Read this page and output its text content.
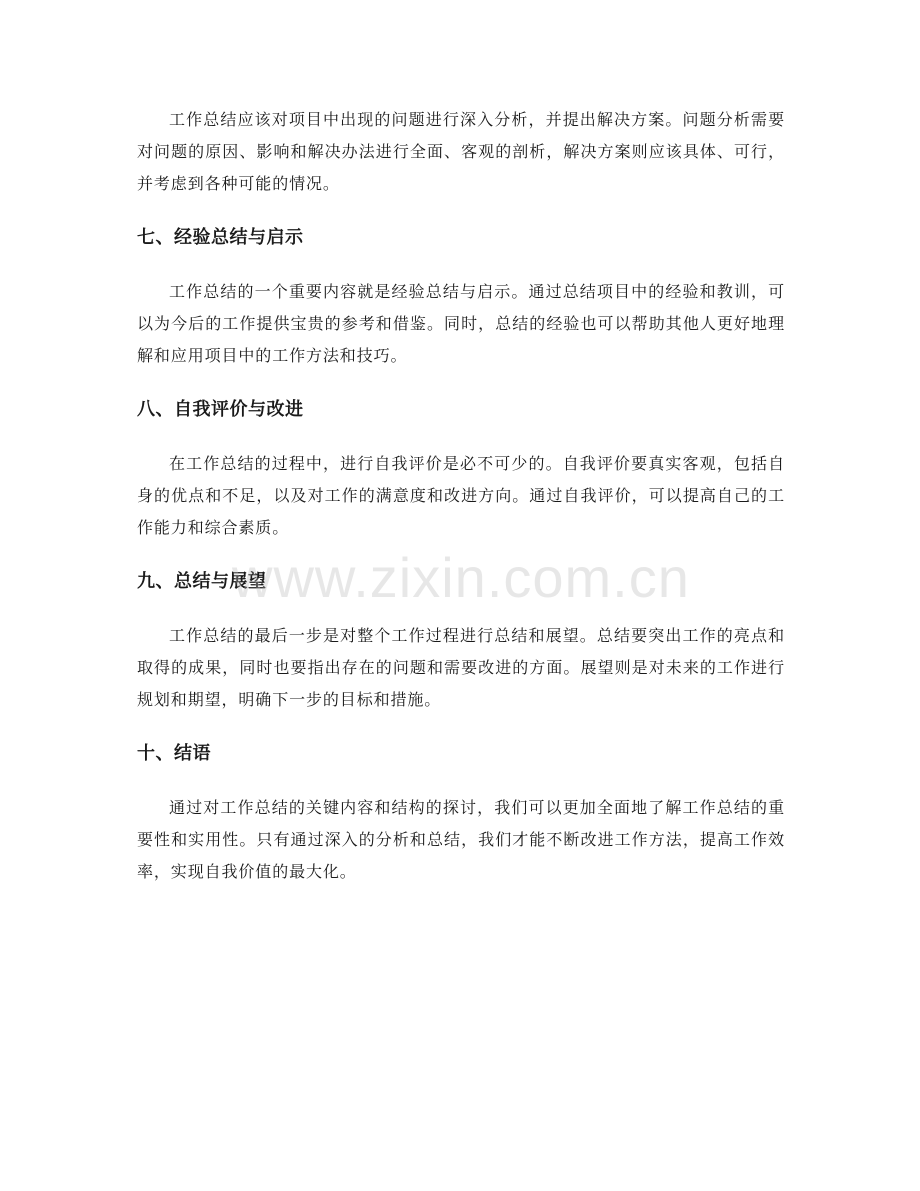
工作总结应该对项目中出现的问题进行深入分析，并提出解决方案。问题分析需要对问题的原因、影响和解决办法进行全面、客观的剖析，解决方案则应该具体、可行，并考虑到各种可能的情况。

七、经验总结与启示

工作总结的一个重要内容就是经验总结与启示。通过总结项目中的经验和教训，可以为今后的工作提供宝贵的参考和借鉴。同时，总结的经验也可以帮助其他人更好地理解和应用项目中的工作方法和技巧。

八、自我评价与改进

在工作总结的过程中，进行自我评价是必不可少的。自我评价要真实客观，包括自身的优点和不足，以及对工作的满意度和改进方向。通过自我评价，可以提高自己的工作能力和综合素质。

九、总结与展望

工作总结的最后一步是对整个工作过程进行总结和展望。总结要突出工作的亮点和取得的成果，同时也要指出存在的问题和需要改进的方面。展望则是对未来的工作进行规划和期望，明确下一步的目标和措施。

十、结语

通过对工作总结的关键内容和结构的探讨，我们可以更加全面地了解工作总结的重要性和实用性。只有通过深入的分析和总结，我们才能不断改进工作方法，提高工作效率，实现自我价值的最大化。

www.zixin.com.cn
